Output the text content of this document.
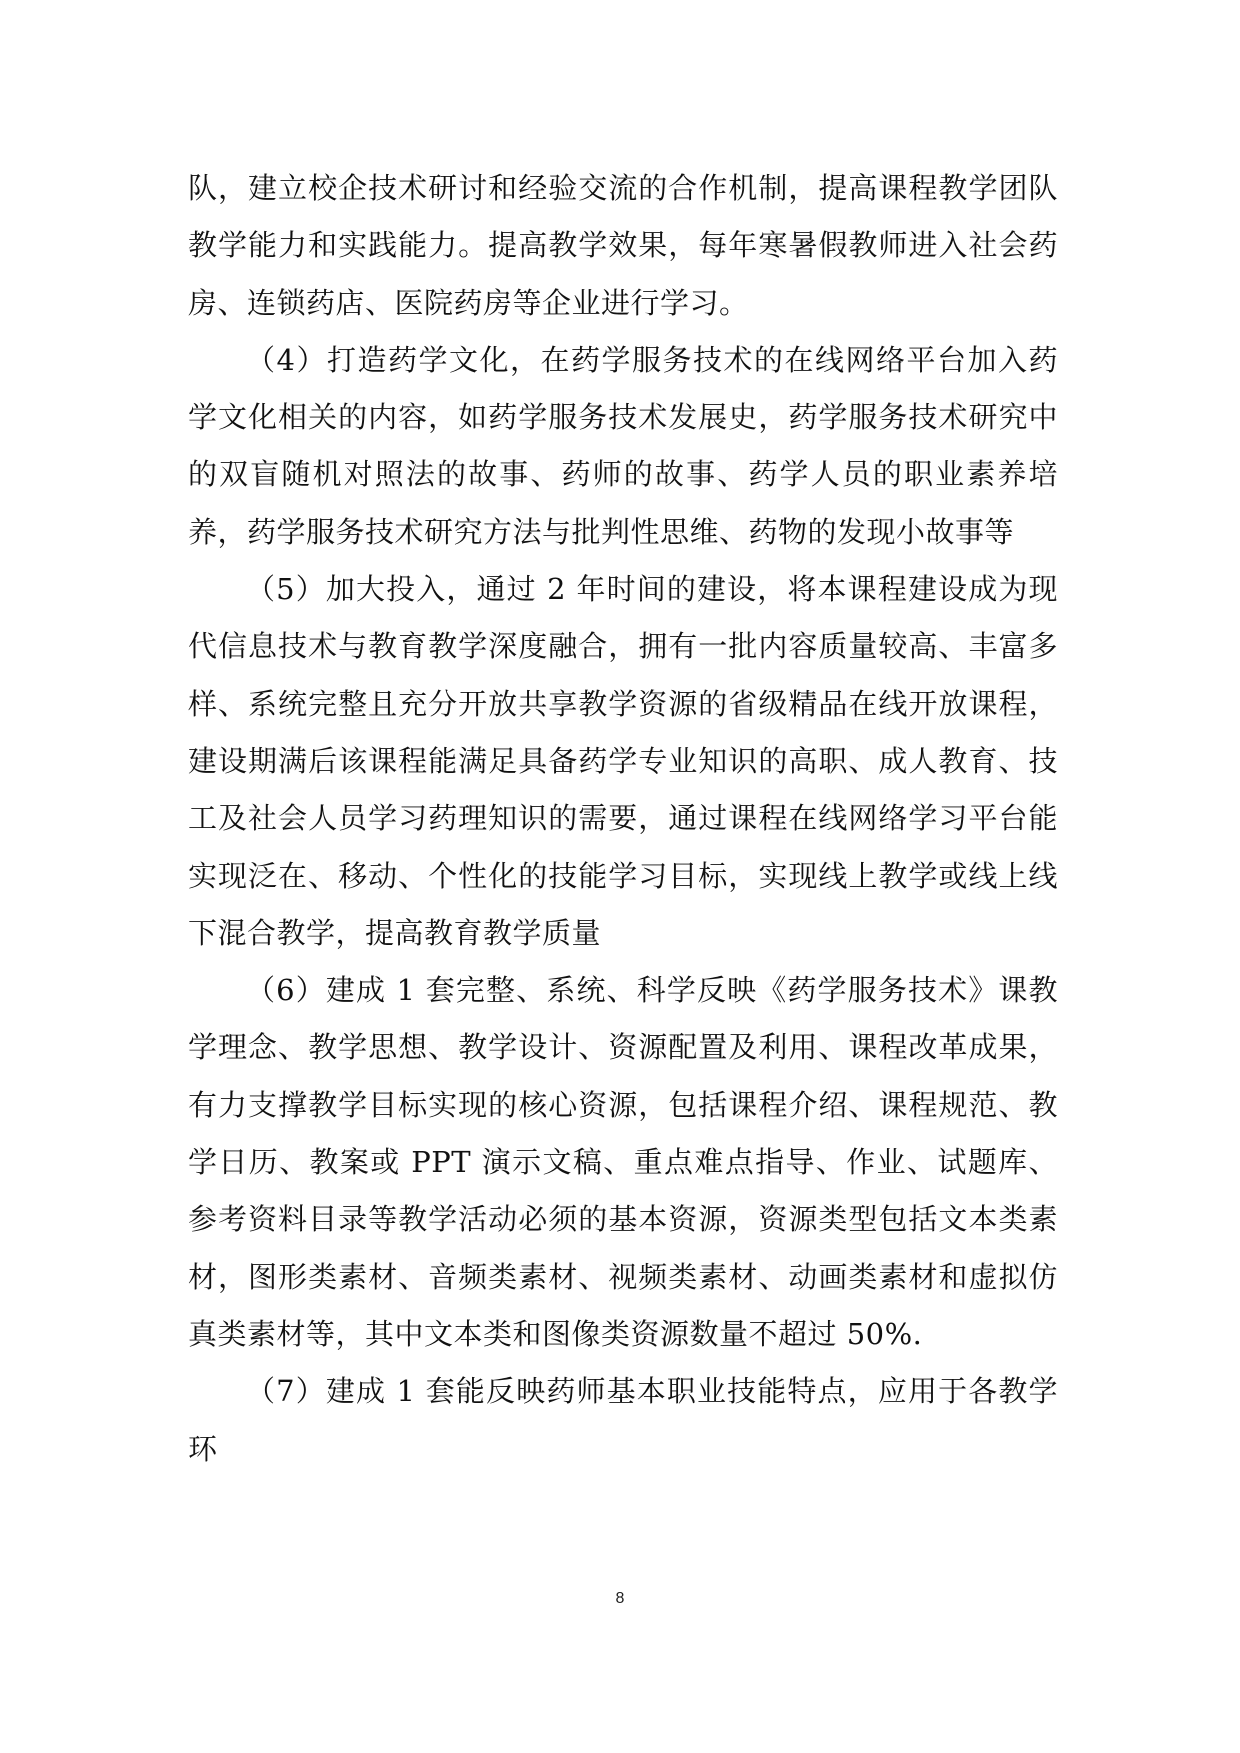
队，建立校企技术研讨和经验交流的合作机制，提高课程教学团队教学能力和实践能力。提高教学效果，每年寒暑假教师进入社会药房、连锁药店、医院药房等企业进行学习。

（4）打造药学文化，在药学服务技术的在线网络平台加入药学文化相关的内容，如药学服务技术发展史，药学服务技术研究中的双盲随机对照法的故事、药师的故事、药学人员的职业素养培养，药学服务技术研究方法与批判性思维、药物的发现小故事等

（5）加大投入，通过 2 年时间的建设，将本课程建设成为现代信息技术与教育教学深度融合，拥有一批内容质量较高、丰富多样、系统完整且充分开放共享教学资源的省级精品在线开放课程，建设期满后该课程能满足具备药学专业知识的高职、成人教育、技工及社会人员学习药理知识的需要，通过课程在线网络学习平台能实现泛在、移动、个性化的技能学习目标，实现线上教学或线上线下混合教学，提高教育教学质量

（6）建成 1 套完整、系统、科学反映《药学服务技术》课教学理念、教学思想、教学设计、资源配置及利用、课程改革成果，有力支撑教学目标实现的核心资源，包括课程介绍、课程规范、教学日历、教案或 PPT 演示文稿、重点难点指导、作业、试题库、参考资料目录等教学活动必须的基本资源，资源类型包括文本类素材，图形类素材、音频类素材、视频类素材、动画类素材和虚拟仿真类素材等，其中文本类和图像类资源数量不超过 50%.

（7）建成 1 套能反映药师基本职业技能特点，应用于各教学环

8
